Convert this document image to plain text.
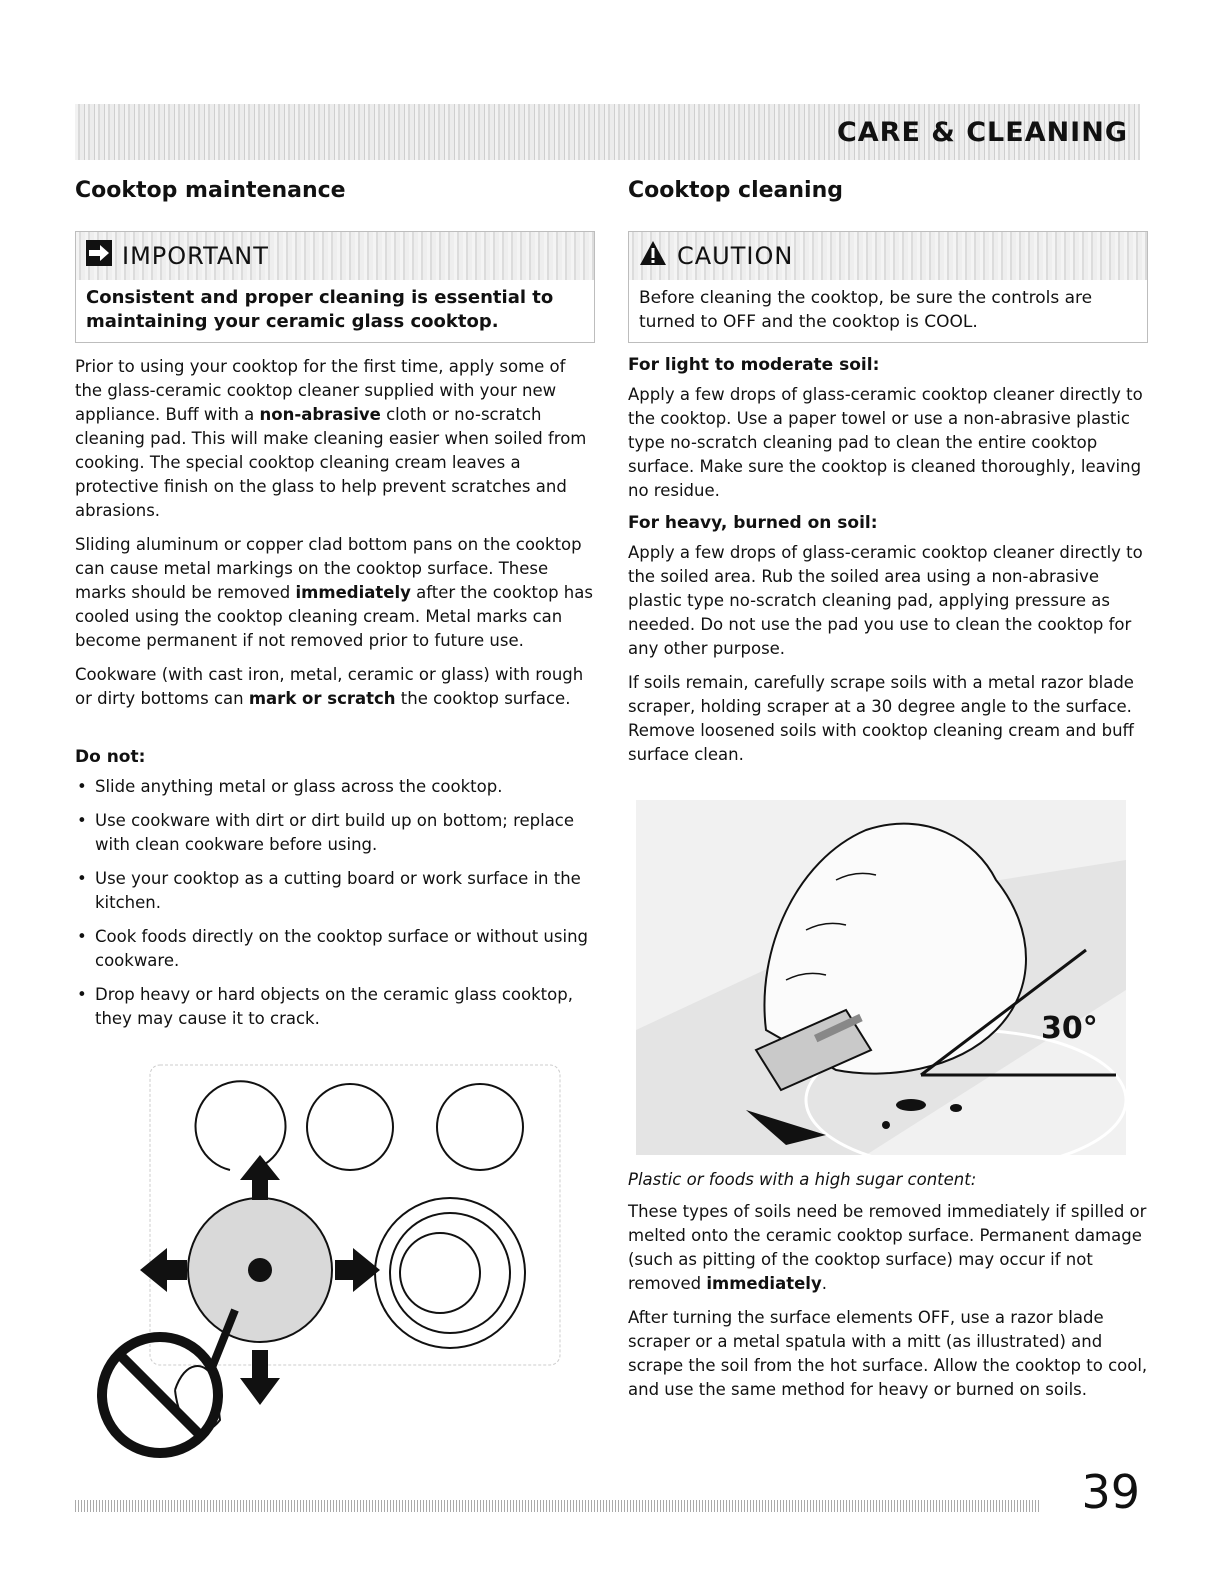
CARE & CLEANING
Cooktop maintenance
IMPORTANT
Consistent and proper cleaning is essential to maintaining your ceramic glass cooktop.

Prior to using your cooktop for the first time, apply some of the glass-ceramic cooktop cleaner supplied with your new appliance. Buff with a non-abrasive cloth or no-scratch cleaning pad. This will make cleaning easier when soiled from cooking. The special cooktop cleaning cream leaves a protective finish on the glass to help prevent scratches and abrasions.

Sliding aluminum or copper clad bottom pans on the cooktop can cause metal markings on the cooktop surface. These marks should be removed immediately after the cooktop has cooled using the cooktop cleaning cream. Metal marks can become permanent if not removed prior to future use.

Cookware (with cast iron, metal, ceramic or glass) with rough or dirty bottoms can mark or scratch the cooktop surface.

Do not:
• Slide anything metal or glass across the cooktop.
• Use cookware with dirt or dirt build up on bottom; replace with clean cookware before using.
• Use your cooktop as a cutting board or work surface in the kitchen.
• Cook foods directly on the cooktop surface or without using cookware.
• Drop heavy or hard objects on the ceramic glass cooktop, they may cause it to crack.
Cooktop cleaning
CAUTION
Before cleaning the cooktop, be sure the controls are turned to OFF and the cooktop is COOL.
For light to moderate soil:

Apply a few drops of glass-ceramic cooktop cleaner directly to the cooktop. Use a paper towel or use a non-abrasive plastic type no-scratch cleaning pad to clean the entire cooktop surface. Make sure the cooktop is cleaned thoroughly, leaving no residue.

For heavy, burned on soil:

Apply a few drops of glass-ceramic cooktop cleaner directly to the soiled area. Rub the soiled area using a non-abrasive plastic type no-scratch cleaning pad, applying pressure as needed. Do not use the pad you use to clean the cooktop for any other purpose.

If soils remain, carefully scrape soils with a metal razor blade scraper, holding scraper at a 30 degree angle to the surface. Remove loosened soils with cooktop cleaning cream and buff surface clean.

30°

Plastic or foods with a high sugar content:

These types of soils need be removed immediately if spilled or melted onto the ceramic cooktop surface. Permanent damage (such as pitting of the cooktop surface) may occur if not removed immediately.

After turning the surface elements OFF, use a razor blade scraper or a metal spatula with a mitt (as illustrated) and scrape the soil from the hot surface. Allow the cooktop to cool, and use the same method for heavy or burned on soils.

39
